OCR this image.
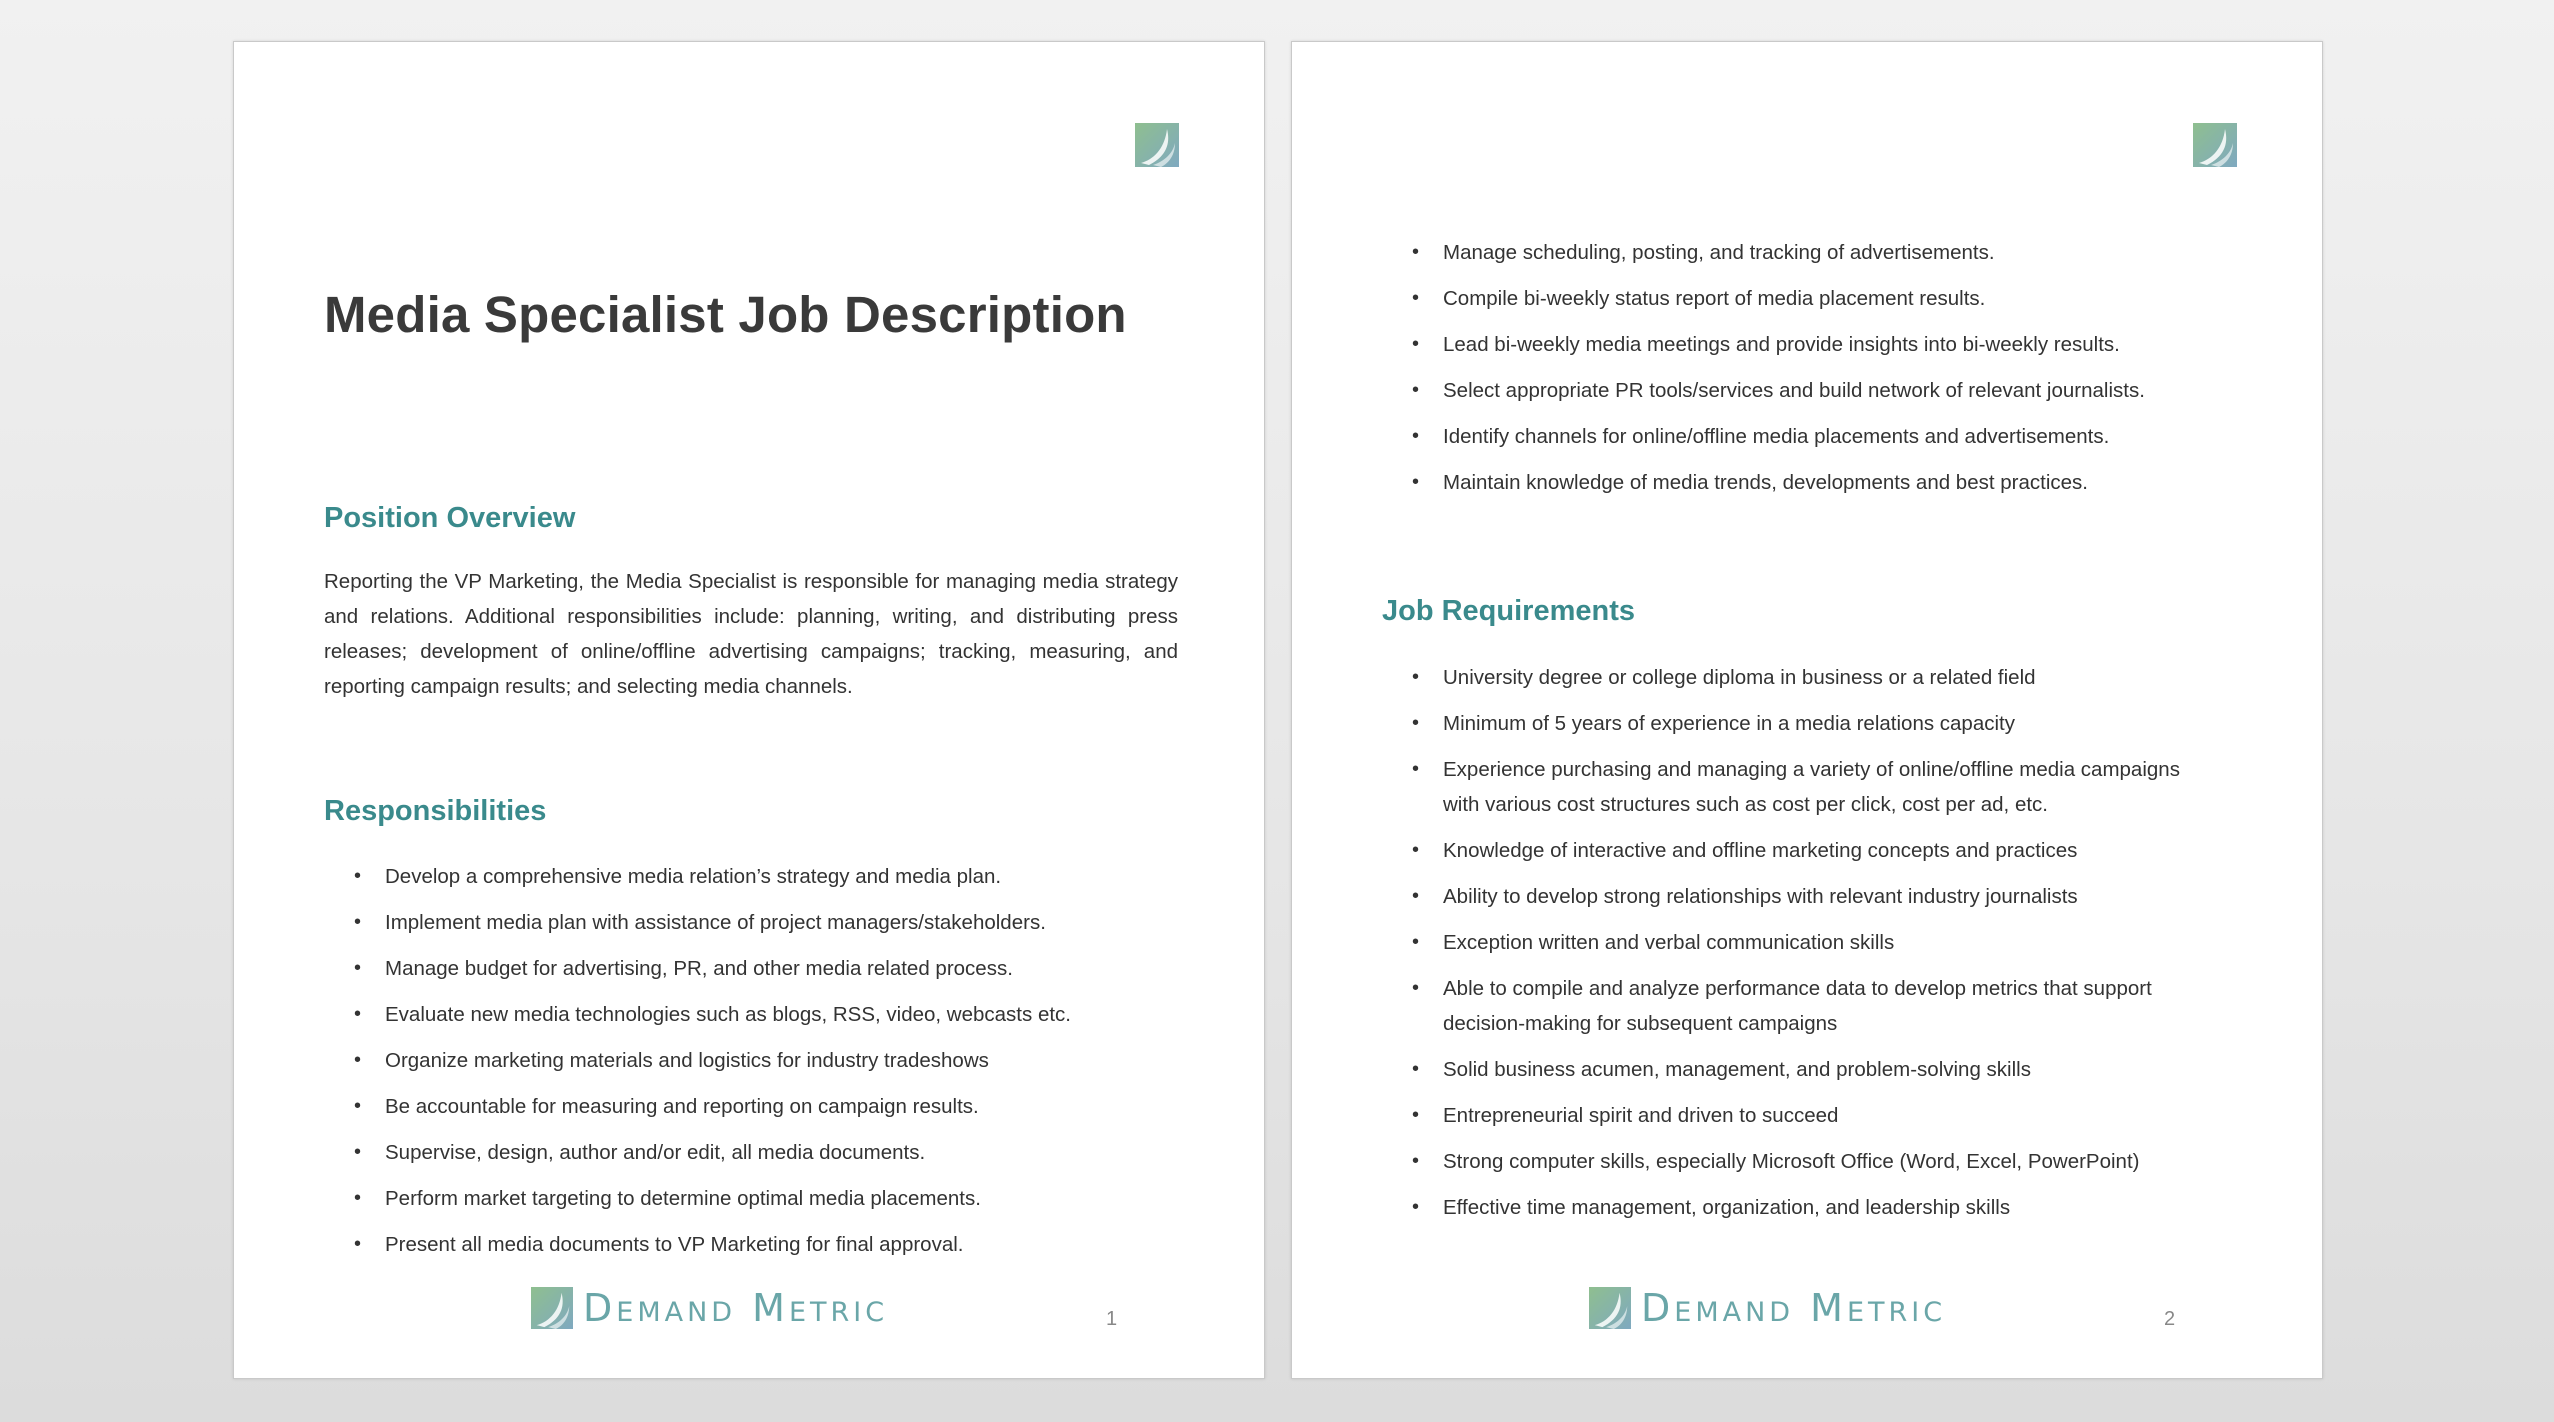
Media Specialist Job Description
Position Overview

Reporting the VP Marketing, the Media Specialist is responsible for managing media strategy and relations. Additional responsibilities include: planning, writing, and distributing press releases; development of online/offline advertising campaigns; tracking, measuring, and reporting campaign results; and selecting media channels.

Responsibilities
• Develop a comprehensive media relation’s strategy and media plan.
• Implement media plan with assistance of project managers/stakeholders.
• Manage budget for advertising, PR, and other media related process.
• Evaluate new media technologies such as blogs, RSS, video, webcasts etc.
• Organize marketing materials and logistics for industry tradeshows
• Be accountable for measuring and reporting on campaign results.
• Supervise, design, author and/or edit, all media documents.
• Perform market targeting to determine optimal media placements.
• Present all media documents to VP Marketing for final approval.
Demand Metric	1
• Manage scheduling, posting, and tracking of advertisements.
• Compile bi-weekly status report of media placement results.
• Lead bi-weekly media meetings and provide insights into bi-weekly results.
• Select appropriate PR tools/services and build network of relevant journalists.
• Identify channels for online/offline media placements and advertisements.
• Maintain knowledge of media trends, developments and best practices.
Job Requirements
• University degree or college diploma in business or a related field
• Minimum of 5 years of experience in a media relations capacity
• Experience purchasing and managing a variety of online/offline media campaigns with various cost structures such as cost per click, cost per ad, etc.
• Knowledge of interactive and offline marketing concepts and practices
• Ability to develop strong relationships with relevant industry journalists
• Exception written and verbal communication skills
• Able to compile and analyze performance data to develop metrics that support decision-making for subsequent campaigns
• Solid business acumen, management, and problem-solving skills
• Entrepreneurial spirit and driven to succeed
• Strong computer skills, especially Microsoft Office (Word, Excel, PowerPoint)
• Effective time management, organization, and leadership skills
Demand Metric	2
